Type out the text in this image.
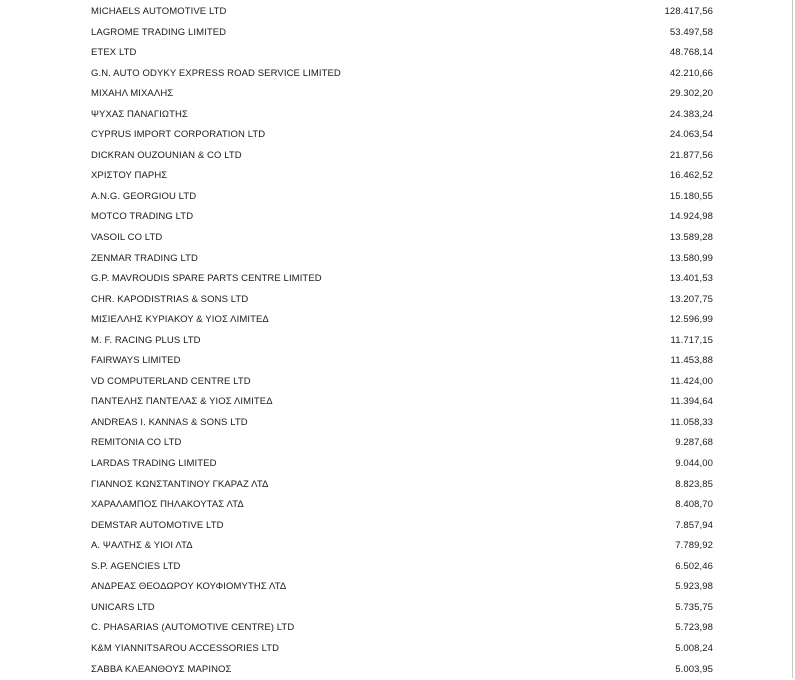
MICHAELS AUTOMOTIVE LTD	128.417,56
LAGROME TRADING LIMITED	53.497,58
ETEX LTD	48.768,14
G.N. AUTO ODYKY EXPRESS ROAD SERVICE LIMITED	42.210,66
ΜΙΧΑΗΛ ΜΙΧΑΛΗΣ	29.302,20
ΨΥΧΑΣ ΠΑΝΑΓΙΩΤΗΣ	24.383,24
CYPRUS IMPORT CORPORATION LTD	24.063,54
DICKRAN OUZOUNIAN & CO LTD	21.877,56
ΧΡΙΣΤΟΥ ΠΑΡΗΣ	16.462,52
A.N.G. GEORGIOU LTD	15.180,55
MOTCO TRADING LTD	14.924,98
VASOIL CO LTD	13.589,28
ZENMAR TRADING LTD	13.580,99
G.P. MAVROUDIS SPARE PARTS CENTRE LIMITED	13.401,53
CHR. KAPODISTRIAS & SONS LTD	13.207,75
ΜΙΣΙΕΛΛΗΣ ΚΥΡΙΑΚΟΥ & ΥΙΟΣ ΛΙΜΙΤΕΔ	12.596,99
M. F. RACING PLUS LTD	11.717,15
FAIRWAYS LIMITED	11.453,88
VD COMPUTERLAND CENTRE LTD	11.424,00
ΠΑΝΤΕΛΗΣ ΠΑΝΤΕΛΑΣ & ΥΙΟΣ ΛΙΜΙΤΕΔ	11.394,64
ANDREAS I. KANNAS & SONS LTD	11.058,33
REMITONIA CO LTD	9.287,68
LARDAS TRADING LIMITED	9.044,00
ΓΙΑΝΝΟΣ ΚΩΝΣΤΑΝΤΙΝΟΥ ΓΚΑΡΑΖ ΛΤΔ	8.823,85
ΧΑΡΑΛΑΜΠΟΣ ΠΗΛΑΚΟΥΤΑΣ ΛΤΔ	8.408,70
DEMSTAR AUTOMOTIVE LTD	7.857,94
Α. ΨΑΛΤΗΣ & ΥΙΟΙ ΛΤΔ	7.789,92
S.P. AGENCIES LTD	6.502,46
ΑΝΔΡΕΑΣ ΘΕΟΔΩΡΟΥ ΚΟΥΦΙΟΜΥΤΗΣ ΛΤΔ	5.923,98
UNICARS LTD	5.735,75
C. PHASARIAS (AUTOMOTIVE CENTRE) LTD	5.723,98
K&M YIANNITSAROU ACCESSORIES LTD	5.008,24
ΣΑΒΒΑ ΚΛΕΑΝΘΟΥΣ ΜΑΡΙΝΟΣ	5.003,95
